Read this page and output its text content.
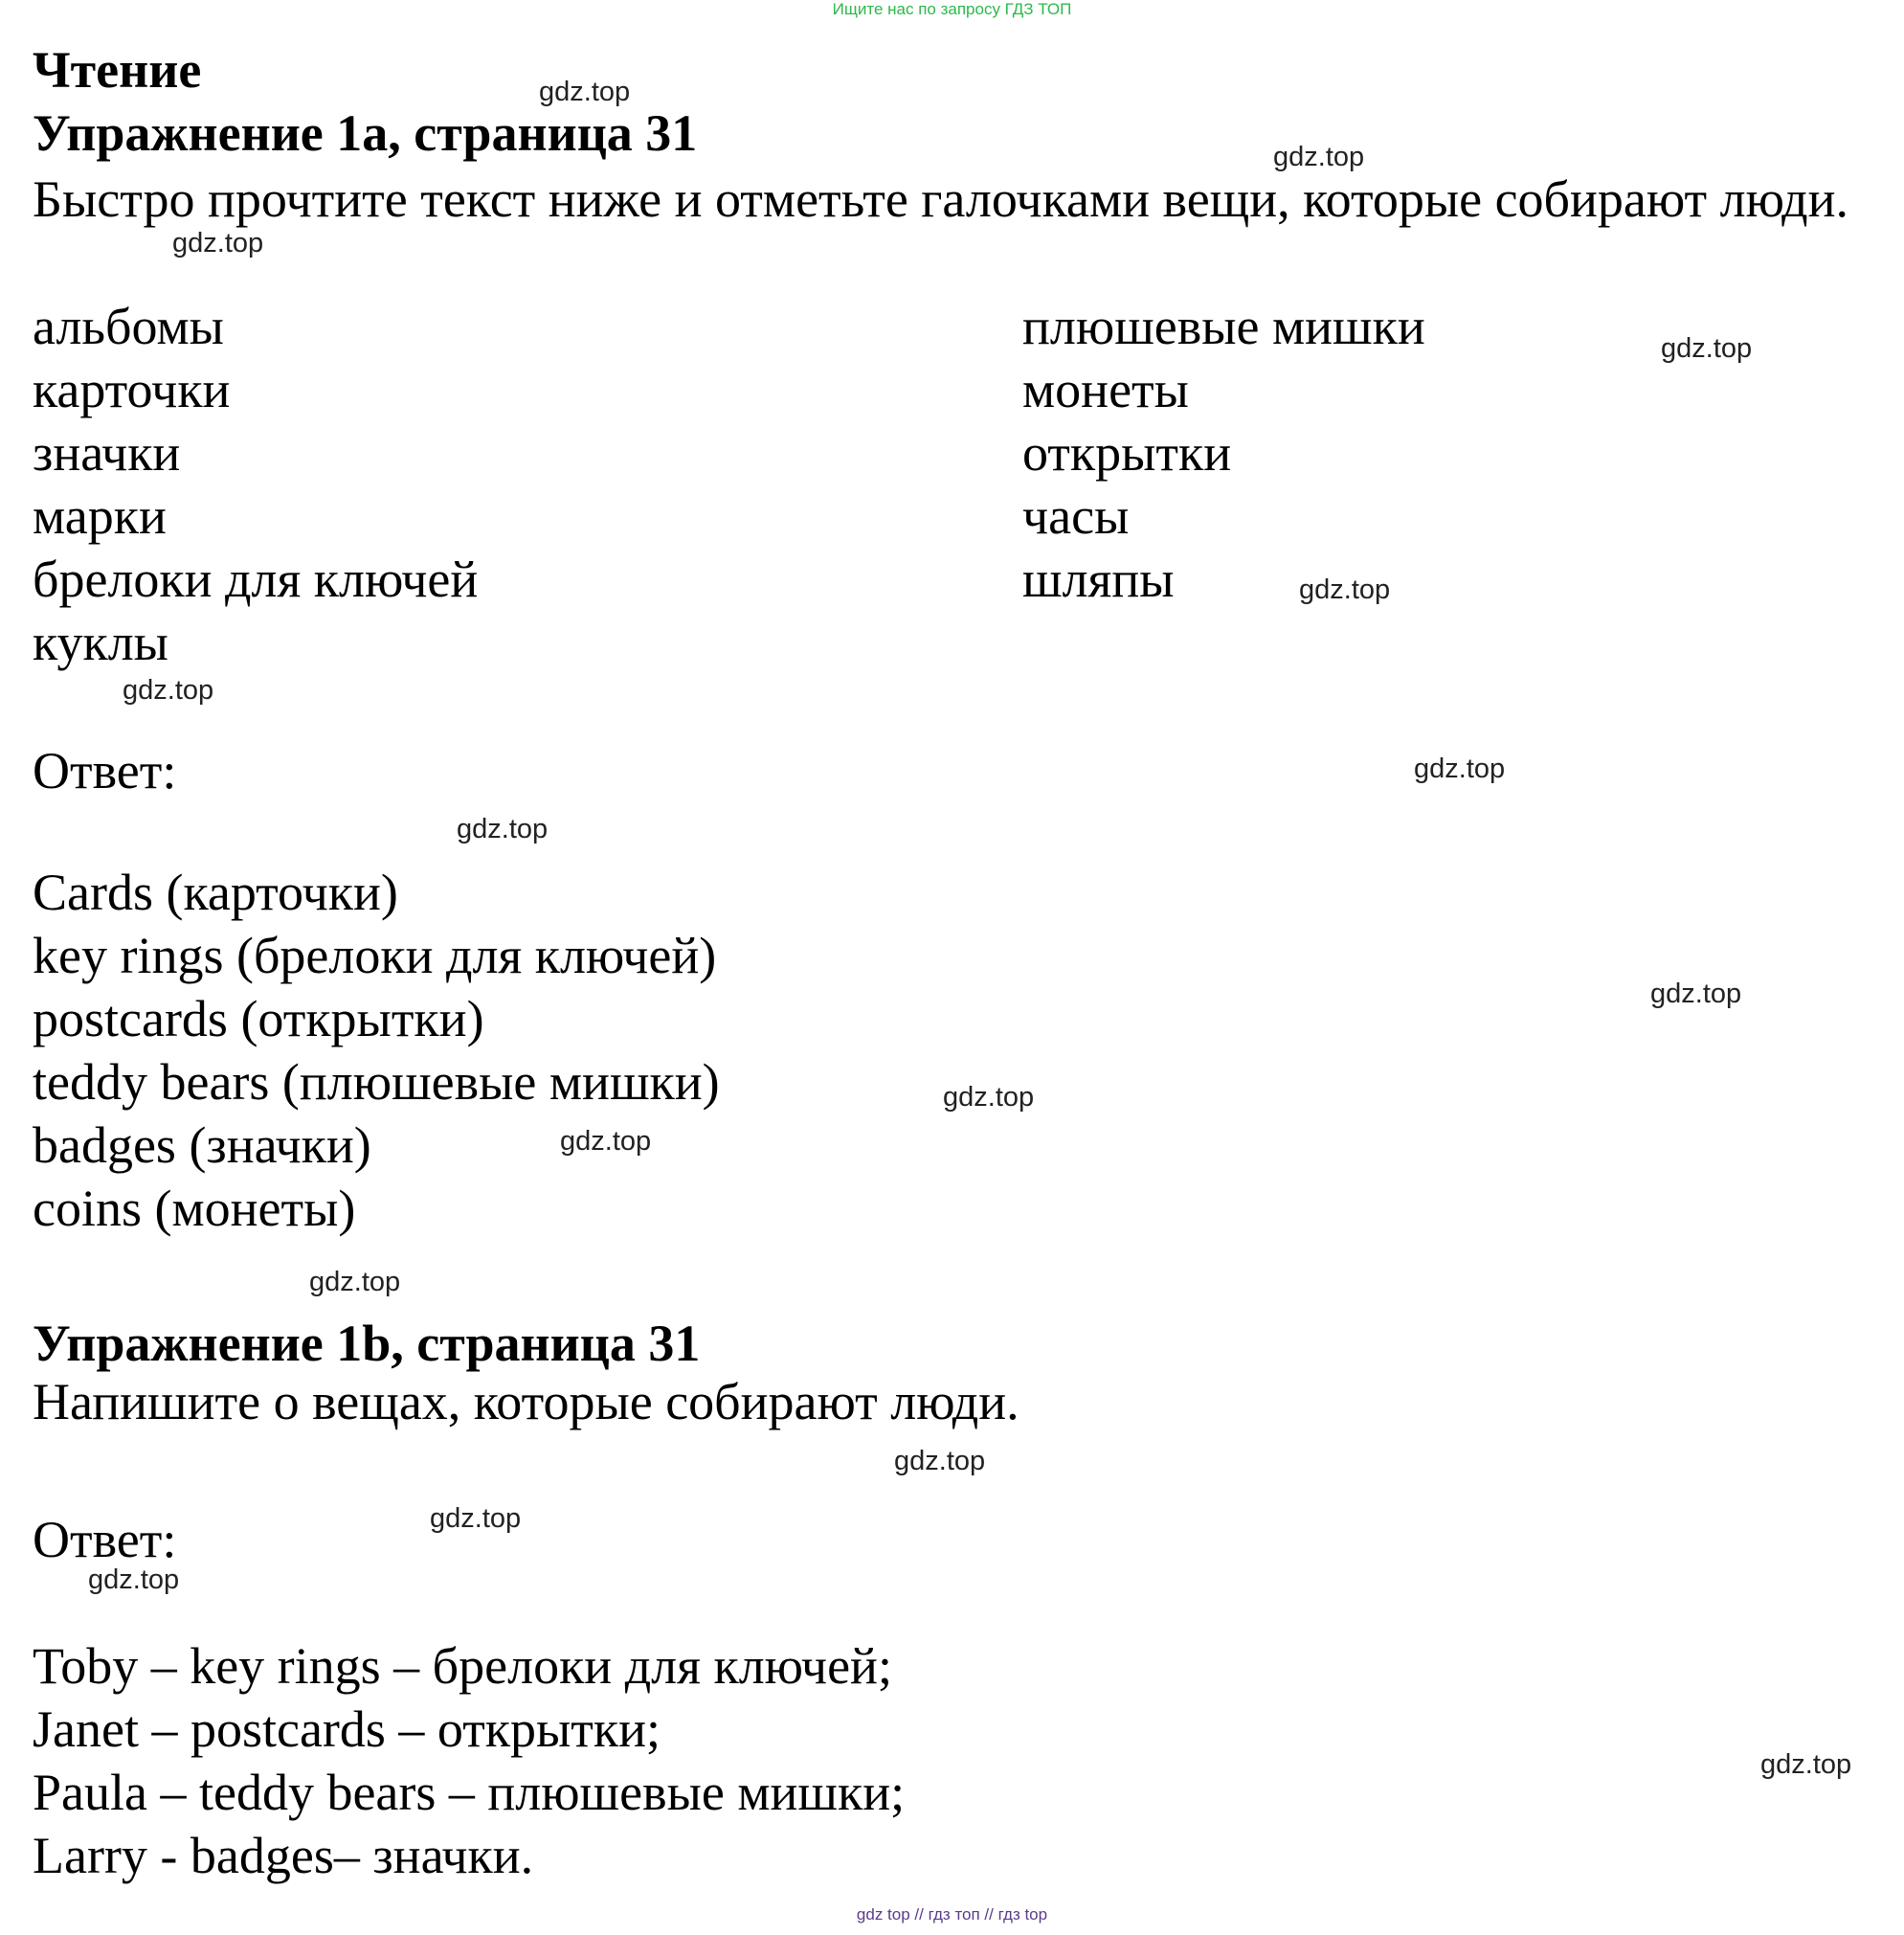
Ищите нас по запросу ГДЗ ТОП
Чтение
Упражнение 1a, страница 31
Быстро прочтите текст ниже и отметьте галочками вещи, которые собирают люди.
альбомы
карточки
значки
марки
брелоки для ключей
куклы
плюшевые мишки
монеты
открытки
часы
шляпы
Ответ:
Cards (карточки)
key rings (брелоки для ключей)
postcards (открытки)
teddy bears (плюшевые мишки)
badges (значки)
coins (монеты)
Упражнение 1b, страница 31
Напишите о вещах, которые собирают люди.
Ответ:
Toby – key rings – брелоки для ключей;
Janet – postcards – открытки;
Paula – teddy bears – плюшевые мишки;
Larry - badges– значки.
gdz.top
gdz.top
gdz.top
gdz.top
gdz.top
gdz.top
gdz.top
gdz.top
gdz.top
gdz.top
gdz.top
gdz.top
gdz.top
gdz.top
gdz.top
gdz.top
gdz top // гдз топ // гдз top
